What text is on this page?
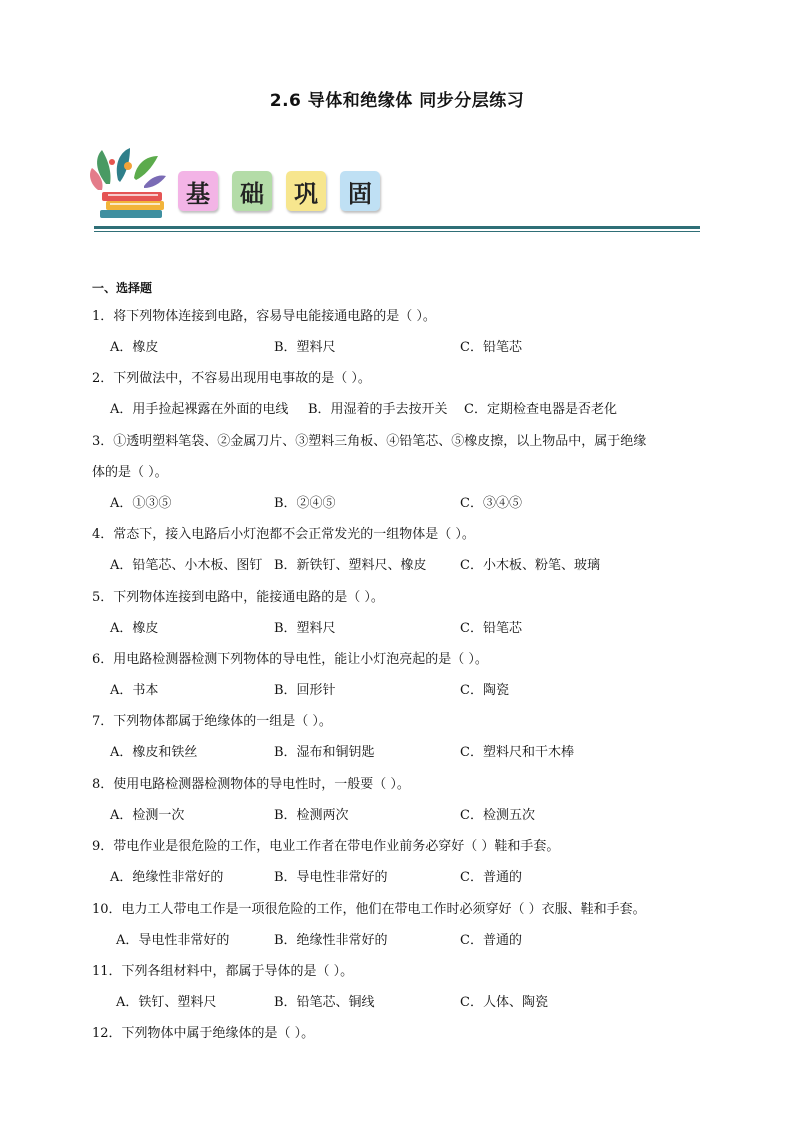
2.6 导体和绝缘体 同步分层练习
基	础	巩	固
一、选择题
1．将下列物体连接到电路，容易导电能接通电路的是（ ）。
A．橡皮	B．塑料尺	C．铅笔芯
2．下列做法中，不容易出现用电事故的是（ ）。
A．用手捡起裸露在外面的电线 B．用湿着的手去按开关 C．定期检查电器是否老化
3．①透明塑料笔袋、②金属刀片、③塑料三角板、④铅笔芯、⑤橡皮擦，以上物品中，属于绝缘
体的是（ ）。
A．①③⑤	B．②④⑤	C．③④⑤
4．常态下，接入电路后小灯泡都不会正常发光的一组物体是（ ）。
A．铅笔芯、小木板、图钉 B．新铁钉、塑料尺、橡皮	C．小木板、粉笔、玻璃
5．下列物体连接到电路中，能接通电路的是（ ）。
A．橡皮	B．塑料尺	C．铅笔芯
6．用电路检测器检测下列物体的导电性，能让小灯泡亮起的是（ ）。
A．书本	B．回形针	C．陶瓷
7．下列物体都属于绝缘体的一组是（ ）。
A．橡皮和铁丝	B．湿布和铜钥匙	C．塑料尺和干木棒
8．使用电路检测器检测物体的导电性时，一般要（ ）。
A．检测一次	B．检测两次	C．检测五次
9．带电作业是很危险的工作，电业工作者在带电作业前务必穿好（ ）鞋和手套。
A．绝缘性非常好的	B．导电性非常好的	C．普通的
10．电力工人带电工作是一项很危险的工作，他们在带电工作时必须穿好（ ）衣服、鞋和手套。
A．导电性非常好的	B．绝缘性非常好的	C．普通的
11．下列各组材料中，都属于导体的是（ ）。
A．铁钉、塑料尺	B．铅笔芯、铜线	C．人体、陶瓷
12．下列物体中属于绝缘体的是（ ）。
